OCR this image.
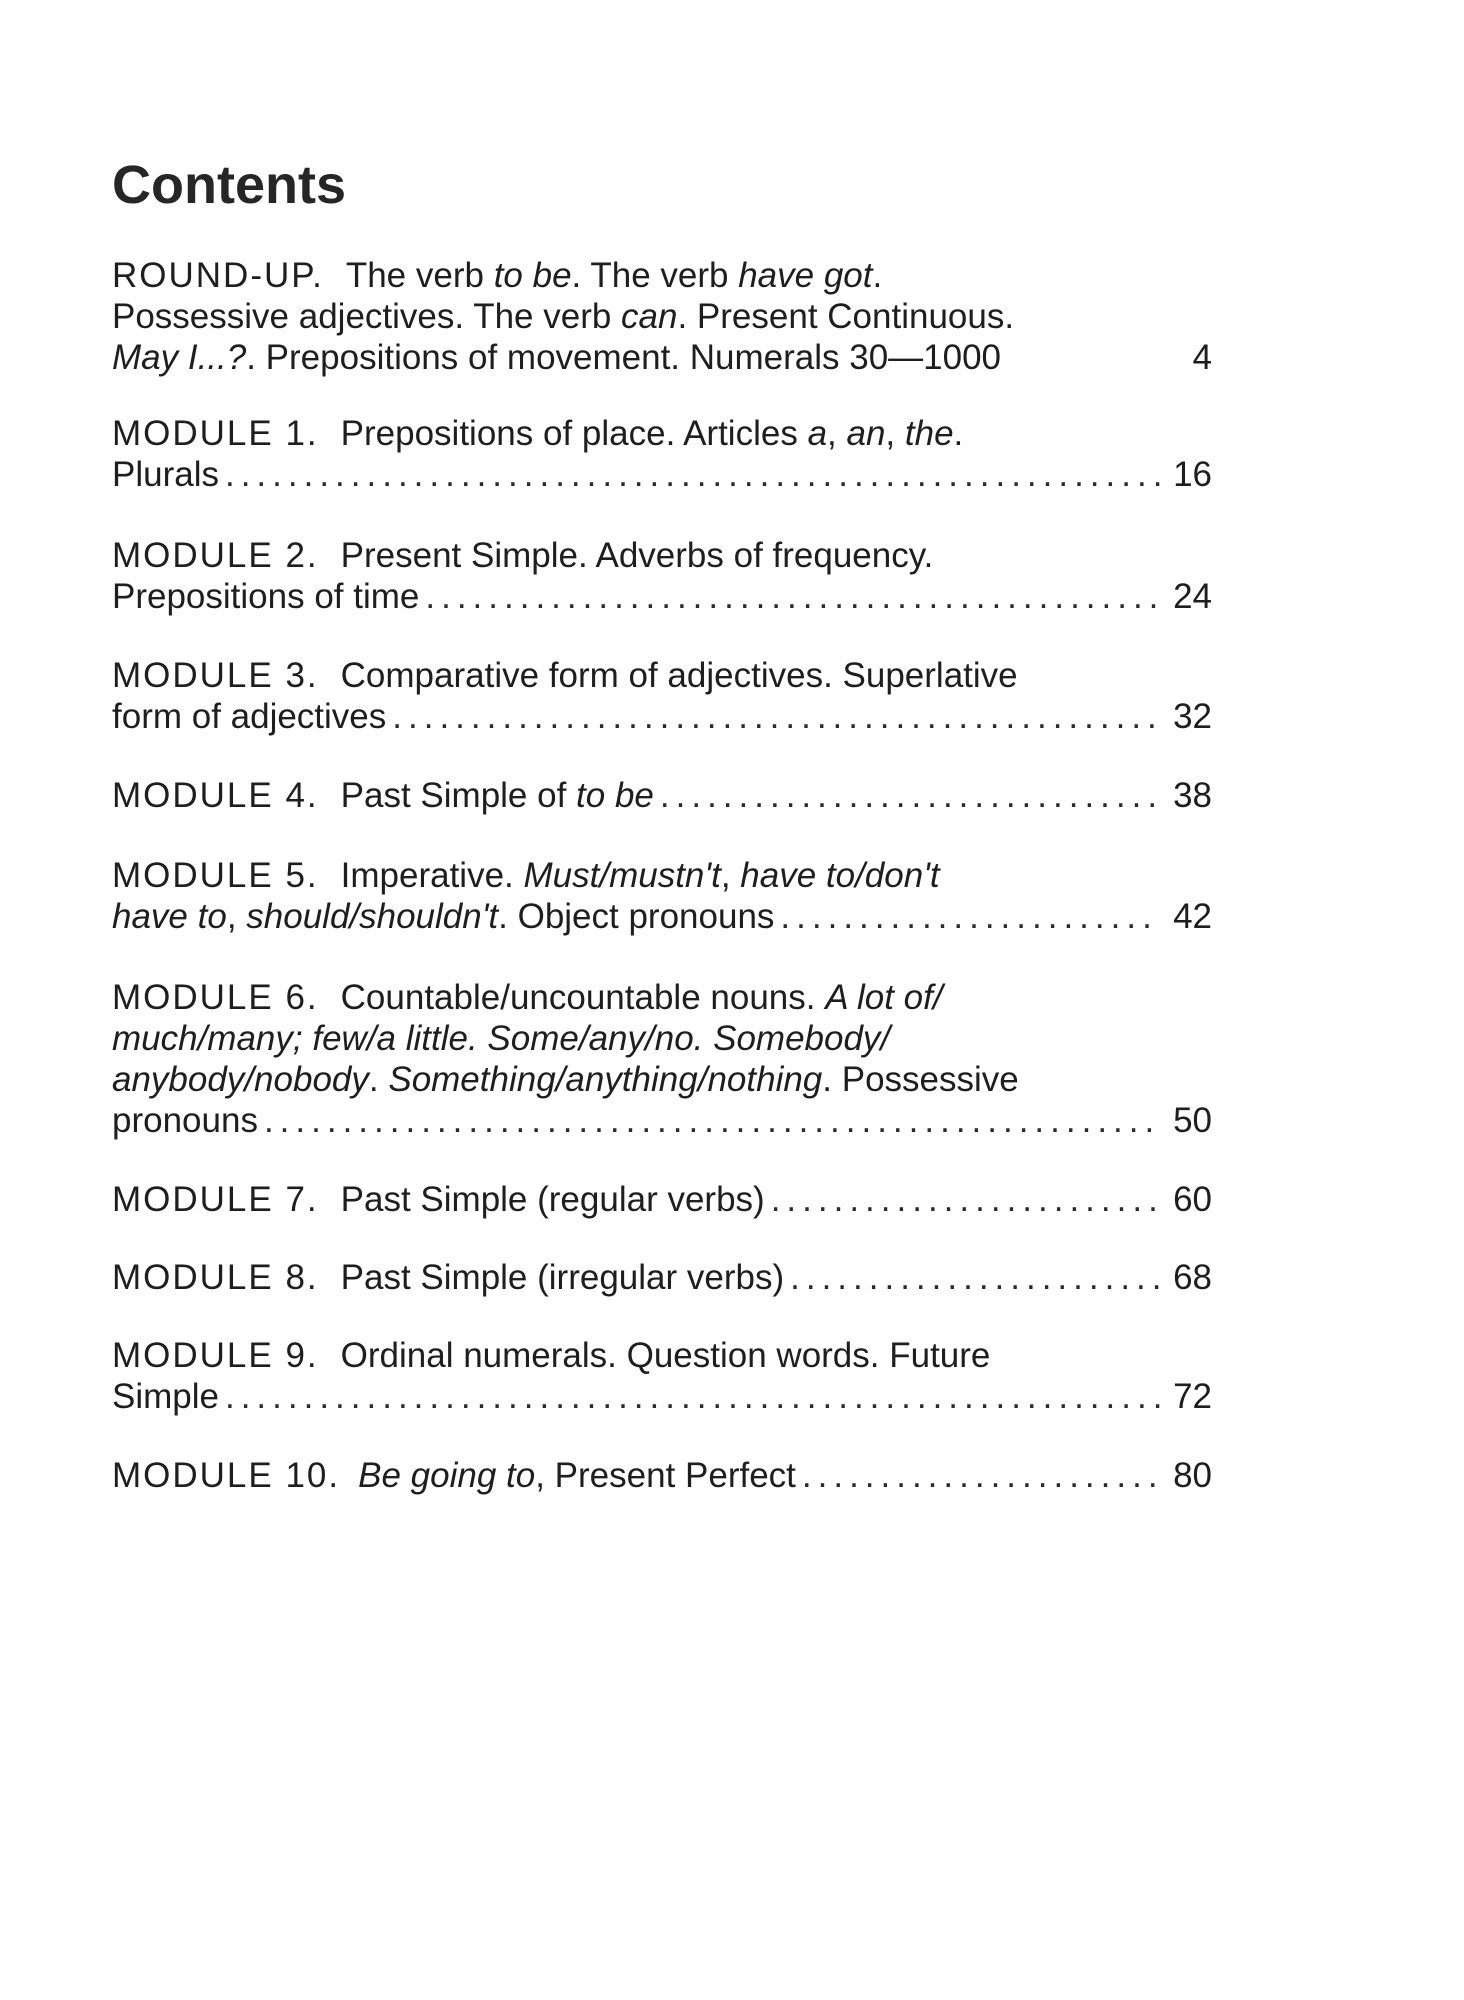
Contents
ROUND-UP. The verb to be. The verb have got.
Possessive adjectives. The verb can. Present Continuous.
May I...?. Prepositions of movement. Numerals 30—1000	4
MODULE 1. Prepositions of place. Articles a, an, the.
Plurals .....	16
MODULE 2. Present Simple. Adverbs of frequency.
Prepositions of time .....	24
MODULE 3. Comparative form of adjectives. Superlative
form of adjectives .....	32
MODULE 4. Past Simple of to be .....	38
MODULE 5. Imperative. Must/mustn't, have to/don't
have to, should/shouldn't. Object pronouns .....	42
MODULE 6. Countable/uncountable nouns. A lot of/
much/many; few/a little. Some/any/no. Somebody/
anybody/nobody. Something/anything/nothing. Possessive
pronouns .....	50
MODULE 7. Past Simple (regular verbs) .....	60
MODULE 8. Past Simple (irregular verbs) .....	68
MODULE 9. Ordinal numerals. Question words. Future
Simple .....	72
MODULE 10. Be going to, Present Perfect .....	80
